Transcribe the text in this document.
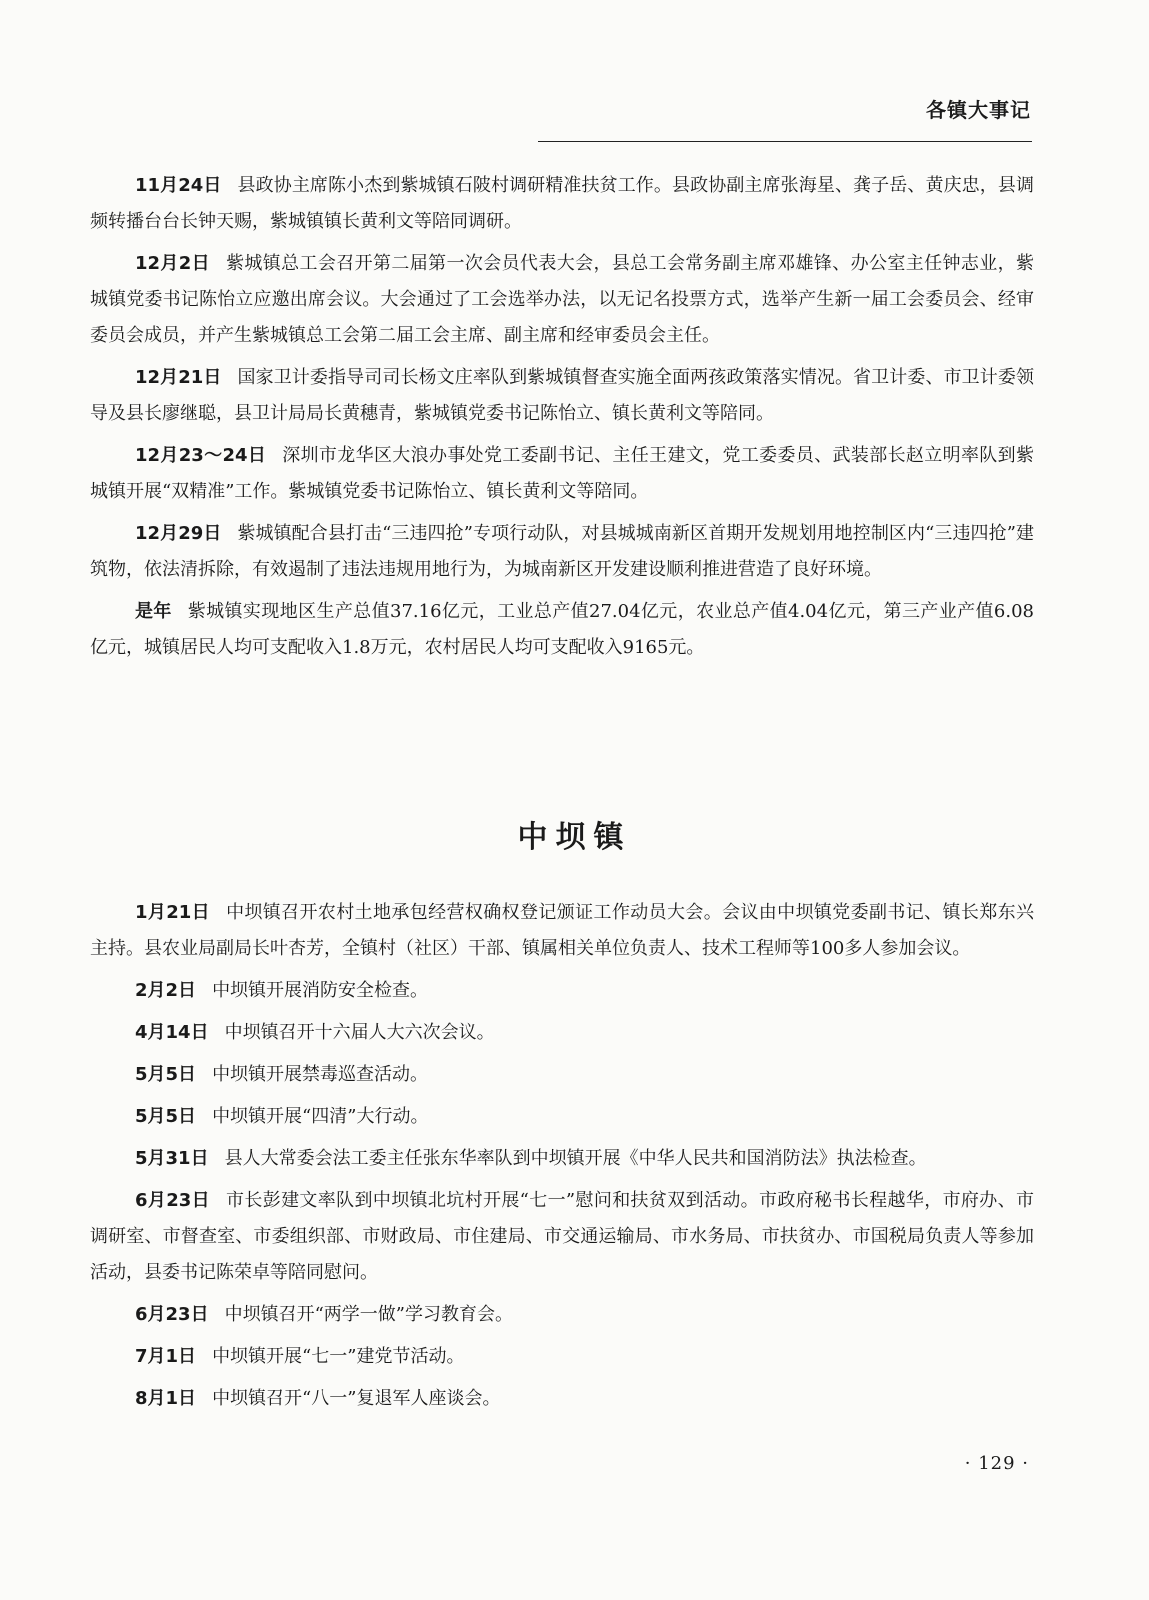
各镇大事记

11月24日 县政协主席陈小杰到紫城镇石陂村调研精准扶贫工作。县政协副主席张海星、龚子岳、黄庆忠，县调频转播台台长钟天赐，紫城镇镇长黄利文等陪同调研。

12月2日 紫城镇总工会召开第二届第一次会员代表大会，县总工会常务副主席邓雄锋、办公室主任钟志业，紫城镇党委书记陈怡立应邀出席会议。大会通过了工会选举办法，以无记名投票方式，选举产生新一届工会委员会、经审委员会成员，并产生紫城镇总工会第二届工会主席、副主席和经审委员会主任。

12月21日 国家卫计委指导司司长杨文庄率队到紫城镇督查实施全面两孩政策落实情况。省卫计委、市卫计委领导及县长廖继聪，县卫计局局长黄穗青，紫城镇党委书记陈怡立、镇长黄利文等陪同。

12月23～24日 深圳市龙华区大浪办事处党工委副书记、主任王建文，党工委委员、武装部长赵立明率队到紫城镇开展“双精准”工作。紫城镇党委书记陈怡立、镇长黄利文等陪同。

12月29日 紫城镇配合县打击“三违四抢”专项行动队，对县城城南新区首期开发规划用地控制区内“三违四抢”建筑物，依法清拆除，有效遏制了违法违规用地行为，为城南新区开发建设顺利推进营造了良好环境。

是年 紫城镇实现地区生产总值37.16亿元，工业总产值27.04亿元，农业总产值4.04亿元，第三产业产值6.08亿元，城镇居民人均可支配收入1.8万元，农村居民人均可支配收入9165元。

中坝镇

1月21日 中坝镇召开农村土地承包经营权确权登记颁证工作动员大会。会议由中坝镇党委副书记、镇长郑东兴主持。县农业局副局长叶杏芳，全镇村（社区）干部、镇属相关单位负责人、技术工程师等100多人参加会议。

2月2日 中坝镇开展消防安全检查。

4月14日 中坝镇召开十六届人大六次会议。

5月5日 中坝镇开展禁毒巡查活动。

5月5日 中坝镇开展“四清”大行动。

5月31日 县人大常委会法工委主任张东华率队到中坝镇开展《中华人民共和国消防法》执法检查。

6月23日 市长彭建文率队到中坝镇北坑村开展“七一”慰问和扶贫双到活动。市政府秘书长程越华，市府办、市调研室、市督查室、市委组织部、市财政局、市住建局、市交通运输局、市水务局、市扶贫办、市国税局负责人等参加活动，县委书记陈荣卓等陪同慰问。

6月23日 中坝镇召开“两学一做”学习教育会。

7月1日 中坝镇开展“七一”建党节活动。

8月1日 中坝镇召开“八一”复退军人座谈会。

· 129 ·
